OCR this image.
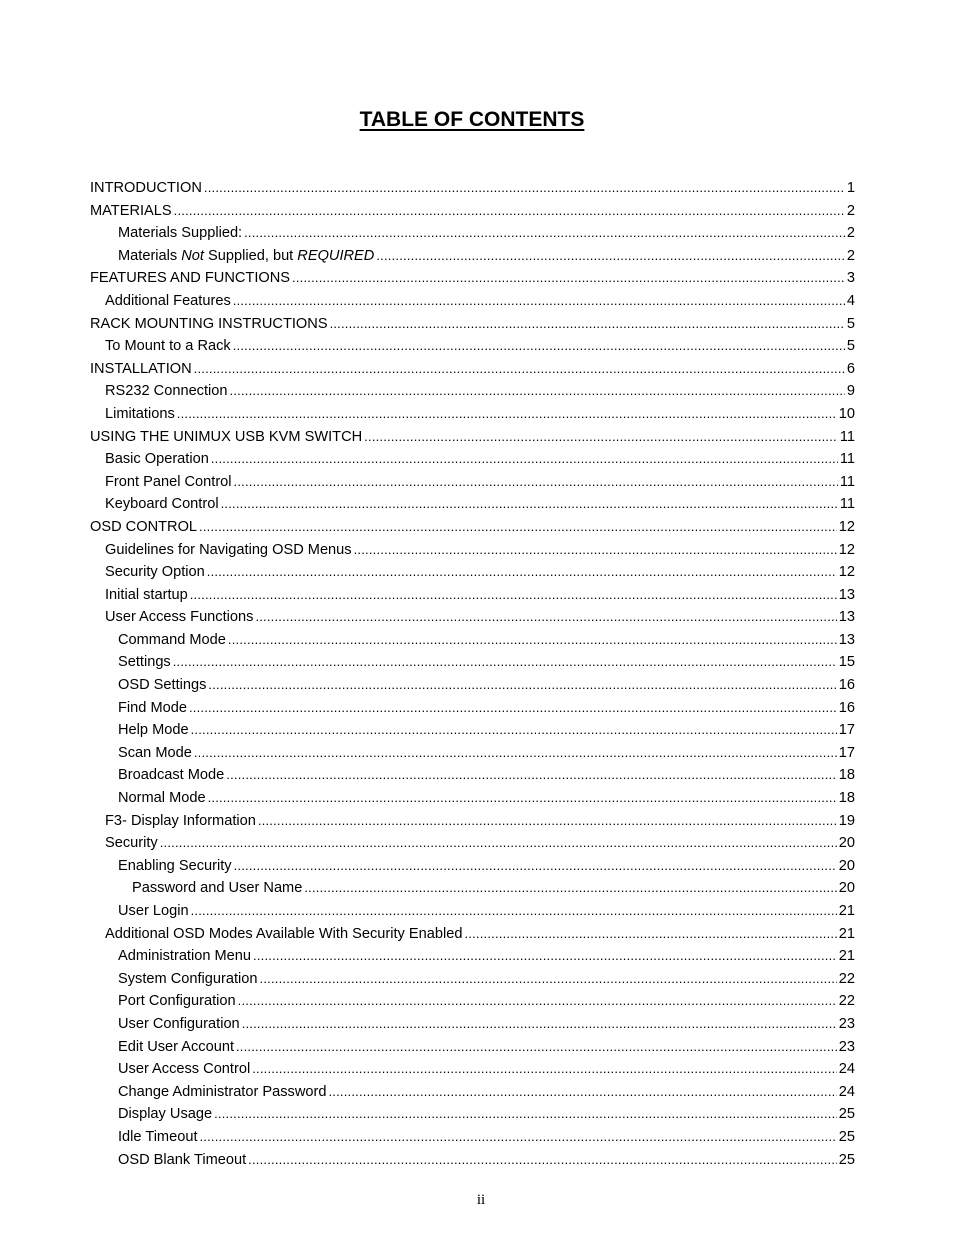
TABLE OF CONTENTS
INTRODUCTION .....	1
MATERIALS .....	2
Materials Supplied: .....	2
Materials Not Supplied, but REQUIRED .....	2
FEATURES AND FUNCTIONS .....	3
Additional Features .....	4
RACK MOUNTING INSTRUCTIONS .....	5
To Mount to a Rack .....	5
INSTALLATION .....	6
RS232 Connection .....	9
Limitations .....	10
USING THE UNIMUX USB KVM SWITCH .....	11
Basic Operation .....	11
Front Panel Control .....	11
Keyboard Control .....	11
OSD CONTROL .....	12
Guidelines for Navigating OSD Menus .....	12
Security Option .....	12
Initial startup .....	13
User Access Functions .....	13
Command Mode .....	13
Settings .....	15
OSD Settings .....	16
Find Mode .....	16
Help Mode .....	17
Scan Mode .....	17
Broadcast Mode .....	18
Normal Mode .....	18
F3- Display Information .....	19
Security .....	20
Enabling Security .....	20
Password and User Name .....	20
User Login .....	21
Additional OSD Modes Available With Security Enabled .....	21
Administration Menu .....	21
System Configuration .....	22
Port Configuration .....	22
User Configuration .....	23
Edit User Account .....	23
User Access Control .....	24
Change Administrator Password .....	24
Display Usage .....	25
Idle Timeout .....	25
OSD Blank Timeout .....	25
ii
